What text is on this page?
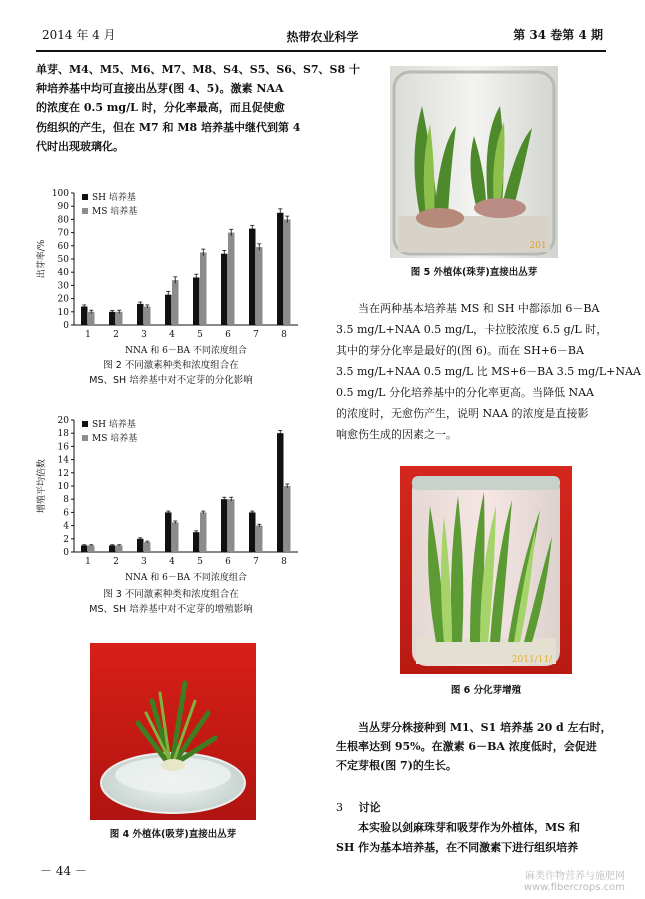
2014 年 4 月	热带农业科学	第 34 卷第 4 期

单芽、M4、M5、M6、M7、M8、S4、S5、S6、S7、S8 十

种培养基中均可直接出丛芽(图 4、5)。激素 NAA

的浓度在 0.5 mg/L 时，分化率最高，而且促使愈

伤组织的产生，但在 M7 和 M8 培养基中继代到第 4

代时出现玻璃化。

0
10
20
30
40
50
60
70
80
90
100
出芽率/%
1 2 3 4 5 6 7 8
NNA 和 6－BA 不同浓度组合
SH 培养基
MS 培养基
图 2 不同激素种类和浓度组合在
MS、SH 培养基中对不定芽的分化影响
0
2
4
6
8
10
12
14
16
18
20
增殖平均倍数
1 2 3 4 5 6 7 8
NNA 和 6－BA 不同浓度组合
SH 培养基
MS 培养基
图 3 不同激素种类和浓度组合在
MS、SH 培养基中对不定芽的增殖影响
图 4 外植体(吸芽)直接出丛芽
201
图 5 外植体(珠芽)直接出丛芽

当在两种基本培养基 MS 和 SH 中都添加 6－BA

3.5 mg/L+NAA 0.5 mg/L，卡拉胶浓度 6.5 g/L 时，

其中的芽分化率是最好的(图 6)。而在 SH+6－BA

3.5 mg/L+NAA 0.5 mg/L 比 MS+6－BA 3.5 mg/L+NAA

0.5 mg/L 分化培养基中的分化率更高。当降低 NAA

的浓度时，无愈伤产生，说明 NAA 的浓度是直接影

响愈伤生成的因素之一。

2011/11/
图 6 分化芽增殖

当丛芽分株接种到 M1、S1 培养基 20 d 左右时，

生根率达到 95%。在激素 6－BA 浓度低时，会促进

不定芽根(图 7)的生长。

3 讨论

本实验以剑麻珠芽和吸芽作为外植体，MS 和

SH 作为基本培养基，在不同激素下进行组织培养

－ 44 －	麻类作物营养与施肥网
www.fibercrops.com
